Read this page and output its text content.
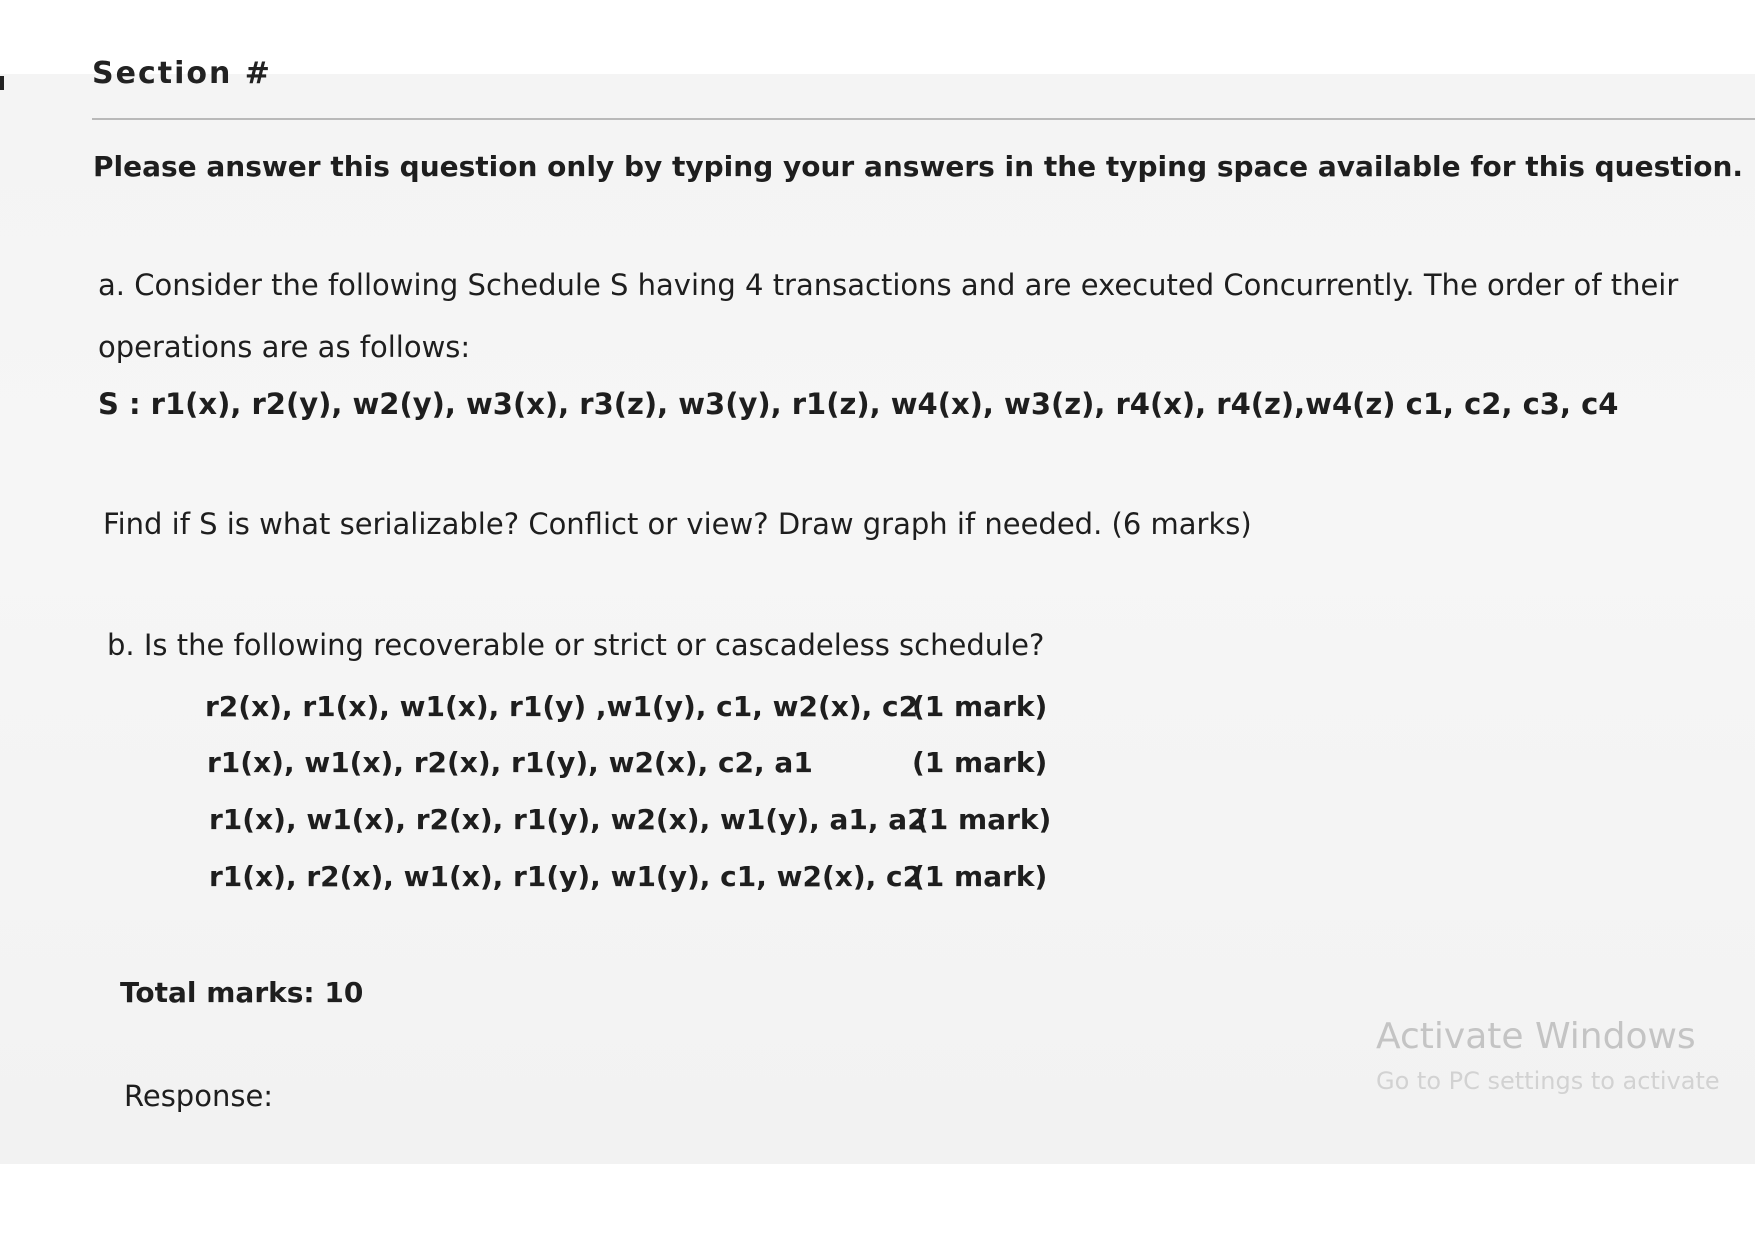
Section #
Please answer this question only by typing your answers in the typing space available for this question.
a. Consider the following Schedule S having 4 transactions and are executed Concurrently. The order of their
operations are as follows:
S : r1(x), r2(y), w2(y), w3(x), r3(z), w3(y), r1(z), w4(x), w3(z), r4(x), r4(z),w4(z) c1, c2, c3, c4
Find if S is what serializable? Conflict or view? Draw graph if needed. (6 marks)
b. Is the following recoverable or strict or cascadeless schedule?
r2(x), r1(x), w1(x), r1(y) ,w1(y), c1, w2(x), c2
(1 mark)
r1(x), w1(x), r2(x), r1(y), w2(x), c2, a1	(1 mark)
r1(x), w1(x), r2(x), r1(y), w2(x), w1(y), a1, a2
(1 mark)
r1(x), r2(x), w1(x), r1(y), w1(y), c1, w2(x), c2
(1 mark)
Total marks: 10
Response:
Activate Windows
Go to PC settings to activate
